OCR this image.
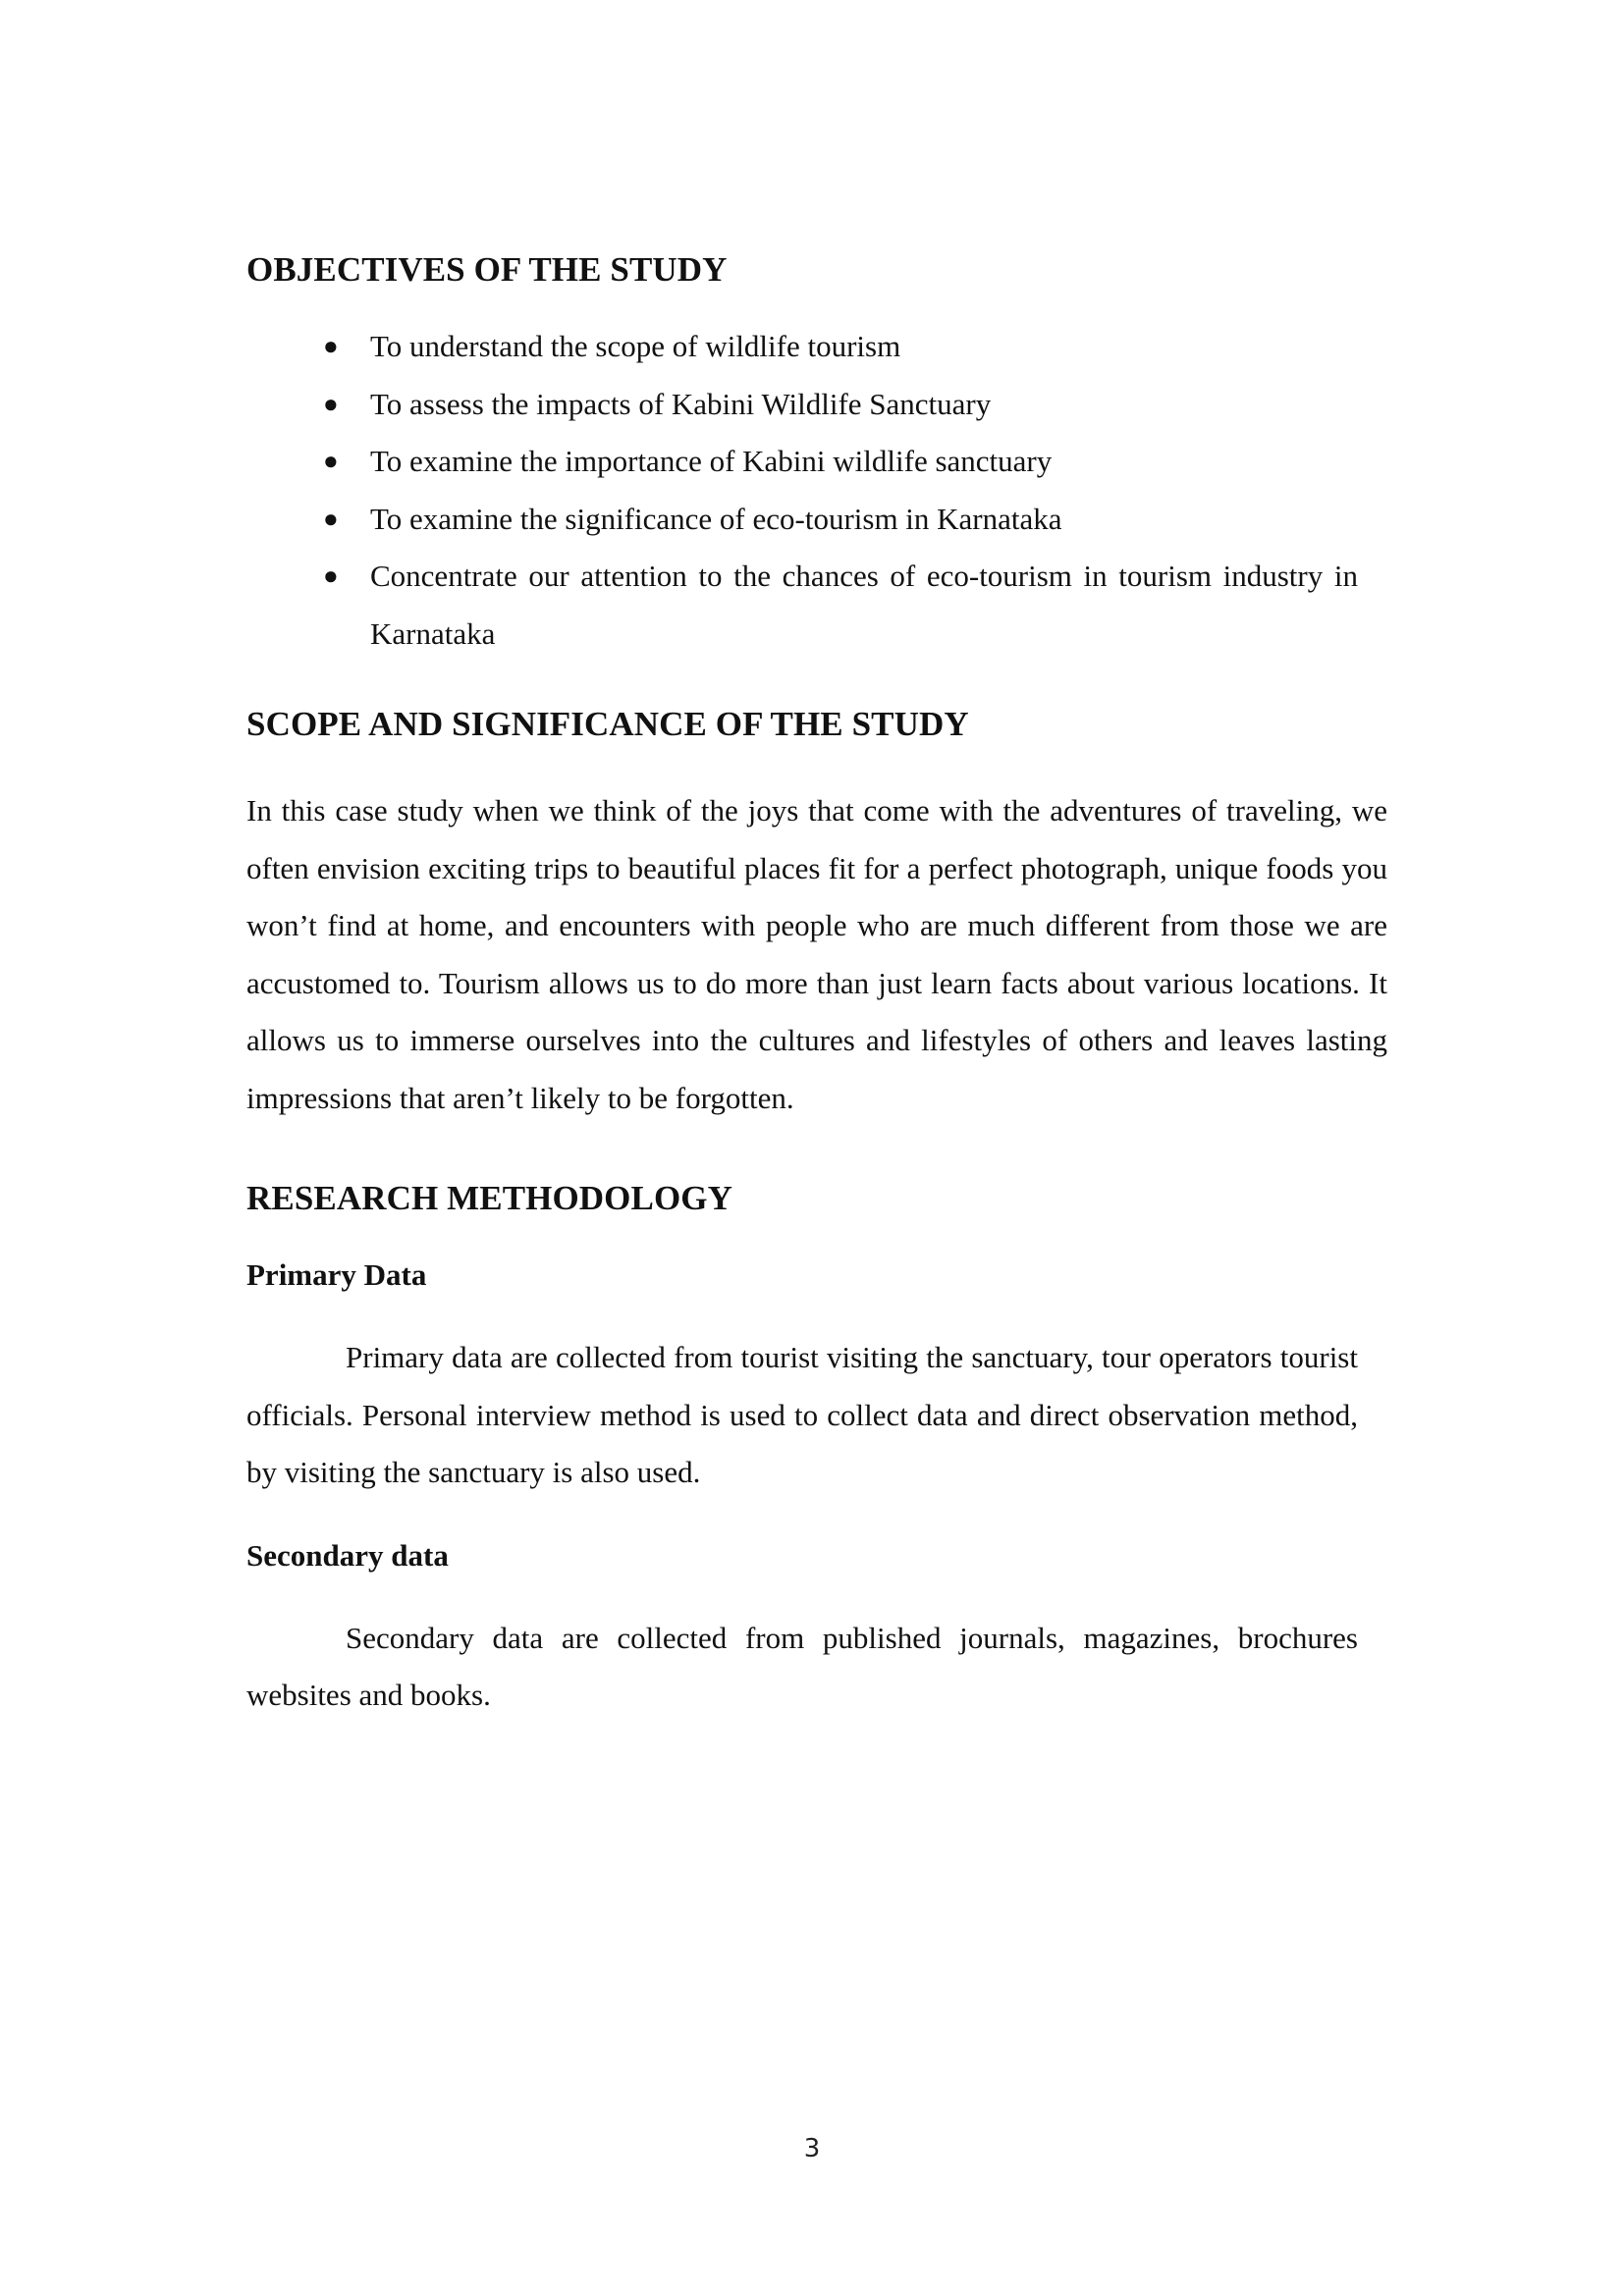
OBJECTIVES OF THE STUDY
● To understand the scope of wildlife tourism
● To assess the impacts of Kabini Wildlife Sanctuary
● To examine the importance of Kabini wildlife sanctuary
● To examine the significance of eco-tourism in Karnataka
● Concentrate our attention to the chances of eco-tourism in tourism industry in Karnataka
SCOPE AND SIGNIFICANCE OF THE STUDY

In this case study when we think of the joys that come with the adventures of traveling, we often envision exciting trips to beautiful places fit for a perfect photograph, unique foods you won’t find at home, and encounters with people who are much different from those we are accustomed to. Tourism allows us to do more than just learn facts about various locations. It allows us to immerse ourselves into the cultures and lifestyles of others and leaves lasting impressions that aren’t likely to be forgotten.

RESEARCH METHODOLOGY
Primary Data

Primary data are collected from tourist visiting the sanctuary, tour operators tourist officials. Personal interview method is used to collect data and direct observation method, by visiting the sanctuary is also used.

Secondary data

Secondary data are collected from published journals, magazines, brochures websites and books.

3
